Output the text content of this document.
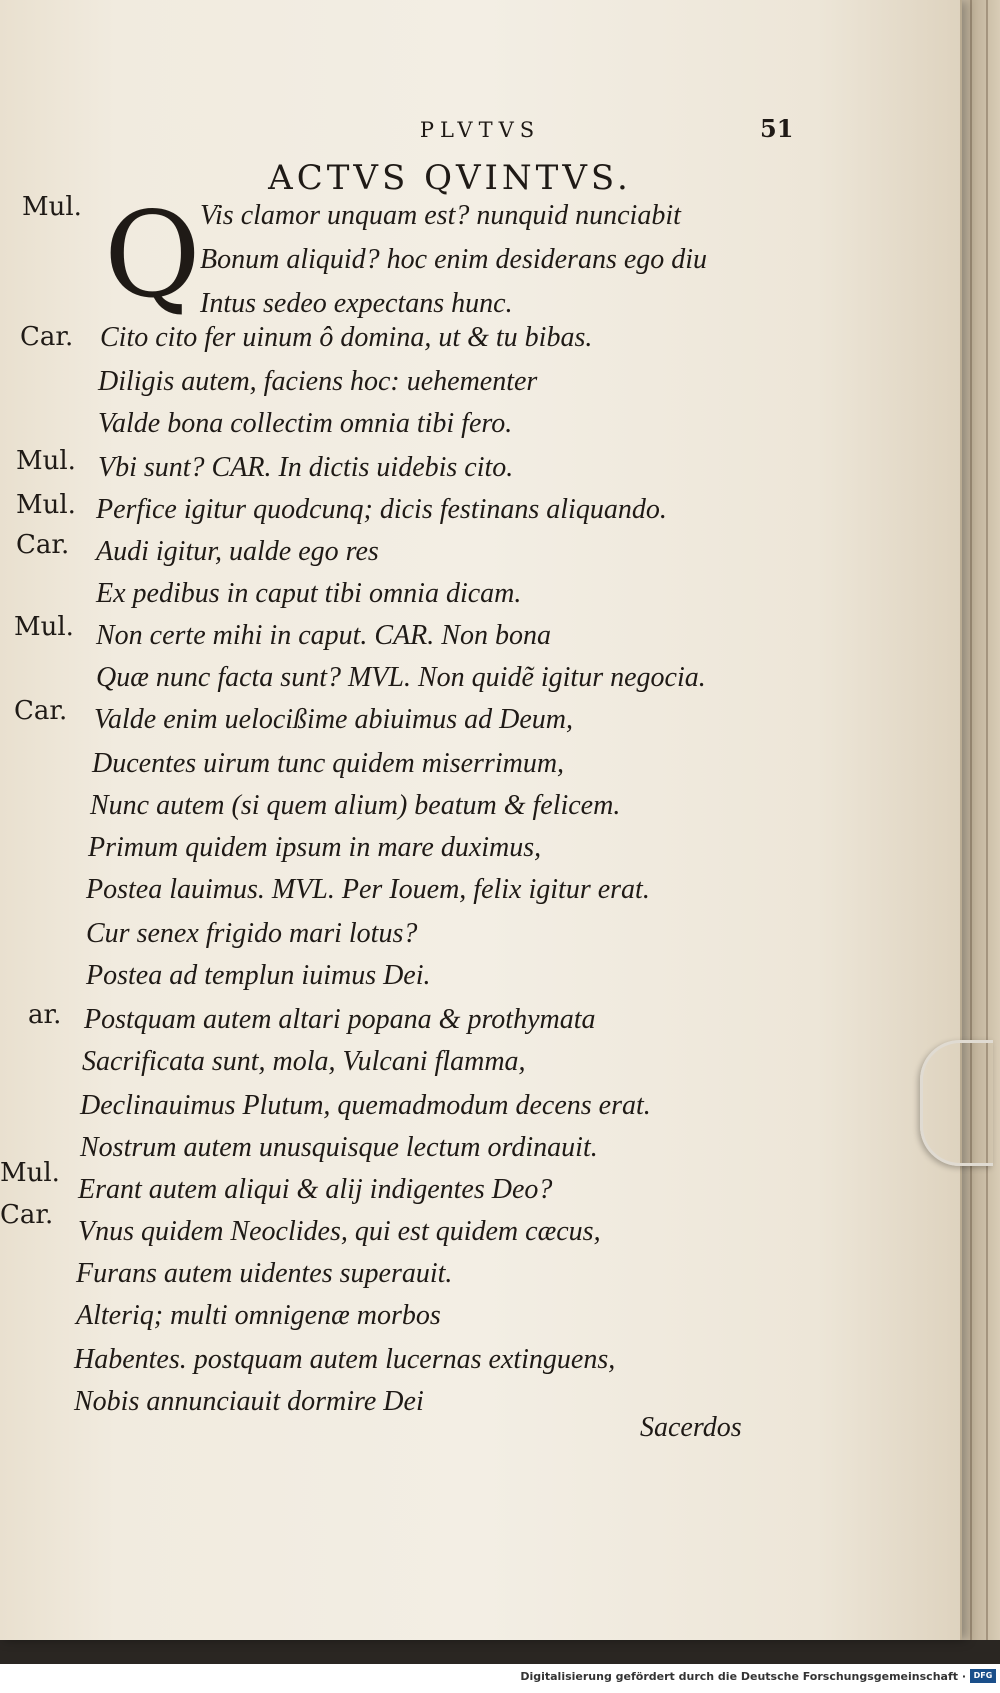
PLVTVS	51
ACTVS QVINTVS.
Q
Mul.
Car.
Mul.
Mul.
Car.
Mul.
Car.
ar.
Mul.
Car.
Vis clamor unquam est? nunquid nunciabit
Bonum aliquid? hoc enim desiderans ego diu
Intus sedeo expectans hunc.
Cito cito fer uinum ô domina, ut & tu bibas.
Diligis autem, faciens hoc: uehementer
Valde bona collectim omnia tibi fero.
Vbi sunt? CAR. In dictis uidebis cito.
Perfice igitur quodcunq; dicis festinans aliquando.
Audi igitur, ualde ego res
Ex pedibus in caput tibi omnia dicam.
Non certe mihi in caput. CAR. Non bona
Quæ nunc facta sunt? MVL. Non quidẽ igitur negocia.
Valde enim uelocißime abiuimus ad Deum,
Ducentes uirum tunc quidem miserrimum,
Nunc autem (si quem alium) beatum & felicem.
Primum quidem ipsum in mare duximus,
Postea lauimus. MVL. Per Iouem, felix igitur erat.
Cur senex frigido mari lotus?
Postea ad templun iuimus Dei.
Postquam autem altari popana & prothymata
Sacrificata sunt, mola, Vulcani flamma,
Declinauimus Plutum, quemadmodum decens erat.
Nostrum autem unusquisque lectum ordinauit.
Erant autem aliqui & alij indigentes Deo?
Vnus quidem Neoclides, qui est quidem cæcus,
Furans autem uidentes superauit.
Alteriq; multi omnigenæ morbos
Habentes. postquam autem lucernas extinguens,
Nobis annunciauit dormire Dei
Sacerdos
Digitalisierung gefördert durch die Deutsche Forschungsgemeinschaft · DFG
